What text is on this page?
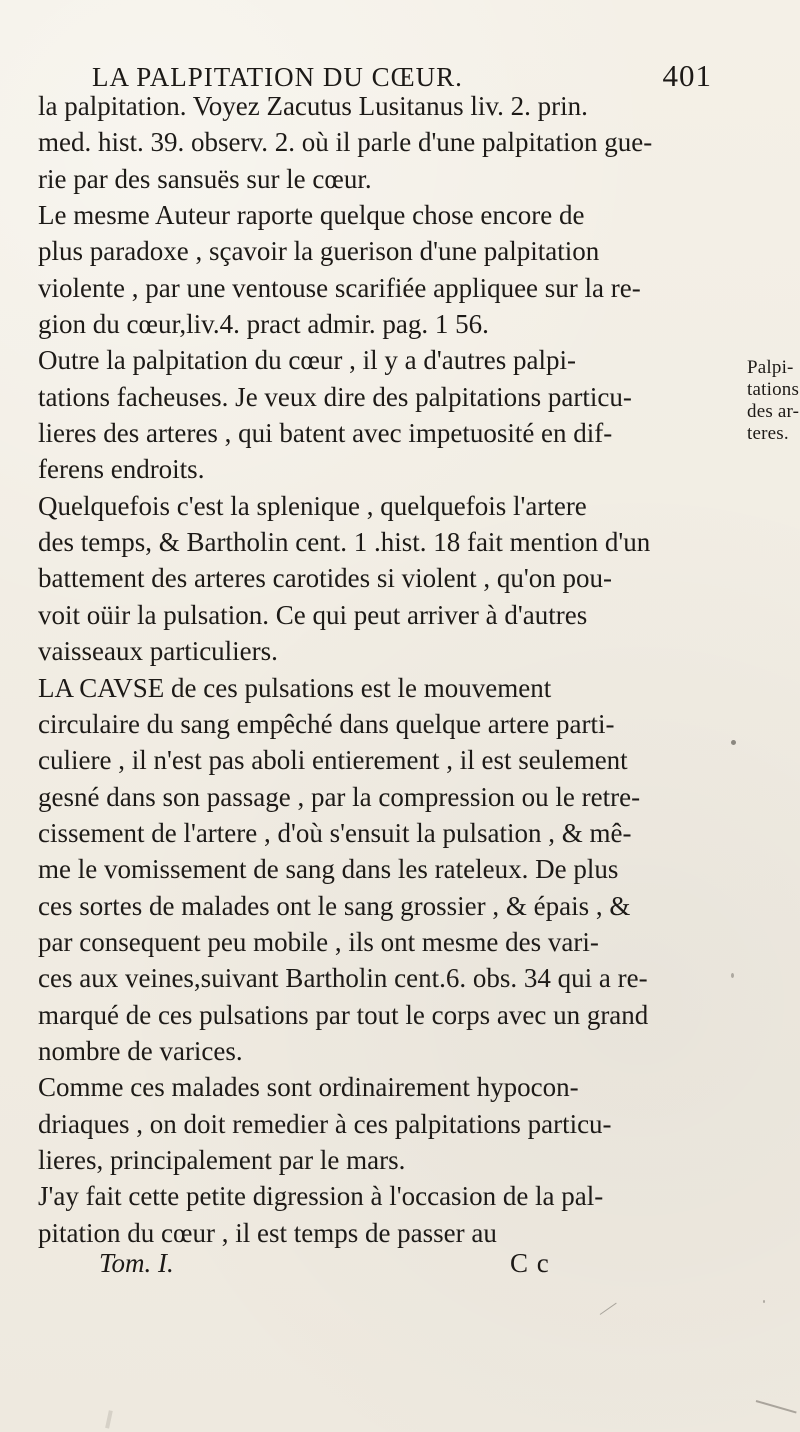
LA PALPITATION DU CŒUR.	401
la palpitation. Voyez Zacutus Lusitanus liv. 2. prin.
med. hist. 39. observ. 2. où il parle d'une palpitation gue-
rie par des sansuës sur le cœur.
Le mesme Auteur raporte quelque chose encore de
plus paradoxe , sçavoir la guerison d'une palpitation
violente , par une ventouse scarifiée appliquee sur la re-
gion du cœur,liv.4. pract admir. pag. 1 56.
Outre la palpitation du cœur , il y a d'autres palpi-
tations facheuses. Je veux dire des palpitations particu-
lieres des arteres , qui batent avec impetuosité en dif-
ferens endroits.
Quelquefois c'est la splenique , quelquefois l'artere
des temps, & Bartholin cent. 1 .hist. 18 fait mention d'un
battement des arteres carotides si violent , qu'on pou-
voit oüir la pulsation. Ce qui peut arriver à d'autres
vaisseaux particuliers.
LA CAVSE de ces pulsations est le mouvement
circulaire du sang empêché dans quelque artere parti-
culiere , il n'est pas aboli entierement , il est seulement
gesné dans son passage , par la compression ou le retre-
cissement de l'artere , d'où s'ensuit la pulsation , & mê-
me le vomissement de sang dans les rateleux. De plus
ces sortes de malades ont le sang grossier , & épais , &
par consequent peu mobile , ils ont mesme des vari-
ces aux veines,suivant Bartholin cent.6. obs. 34 qui a re-
marqué de ces pulsations par tout le corps avec un grand
nombre de varices.
Comme ces malades sont ordinairement hypocon-
driaques , on doit remedier à ces palpitations particu-
lieres, principalement par le mars.
J'ay fait cette petite digression à l'occasion de la pal-
pitation du cœur , il est temps de passer au
Palpi-
tations
des ar-
teres.
Tom. I.	C c
